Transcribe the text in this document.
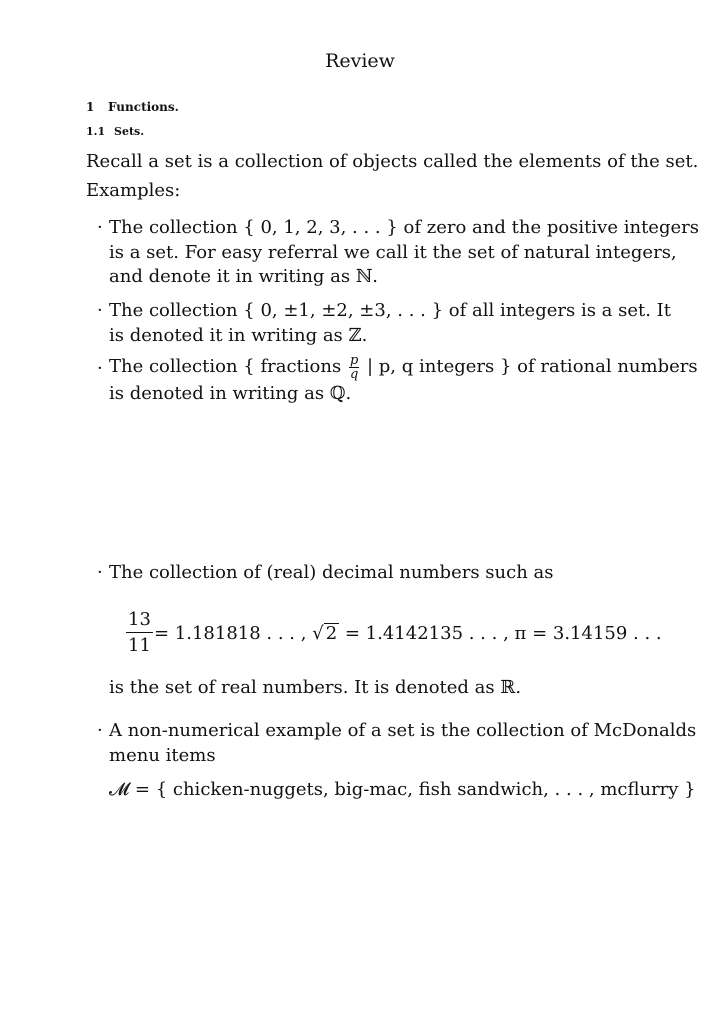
Review
1 Functions.
1.1 Sets.
Recall a set is a collection of objects called the elements of the set.
Examples:
· The collection { 0, 1, 2, 3, . . . } of zero and the positive integers
is a set. For easy referral we call it the set of natural integers,
and denote it in writing as ℕ.
· The collection { 0, ±1, ±2, ±3, . . . } of all integers is a set. It
is denoted it in writing as ℤ.
· The collection { fractions $\frac{p}{q}$ | p, q integers } of rational numbers
is denoted in writing as ℚ.
· The collection of (real) decimal numbers such as
$\frac{13}{11} = 1.181818$ . . . , √ 2 = 1.4142135 . . . , π = 3.14159 . . .
is the set of real numbers. It is denoted as ℝ.
· A non-numerical example of a set is the collection of McDonalds
menu items
𝓜 = { chicken-nuggets, big-mac, fish sandwich, . . . , mcflurry }
